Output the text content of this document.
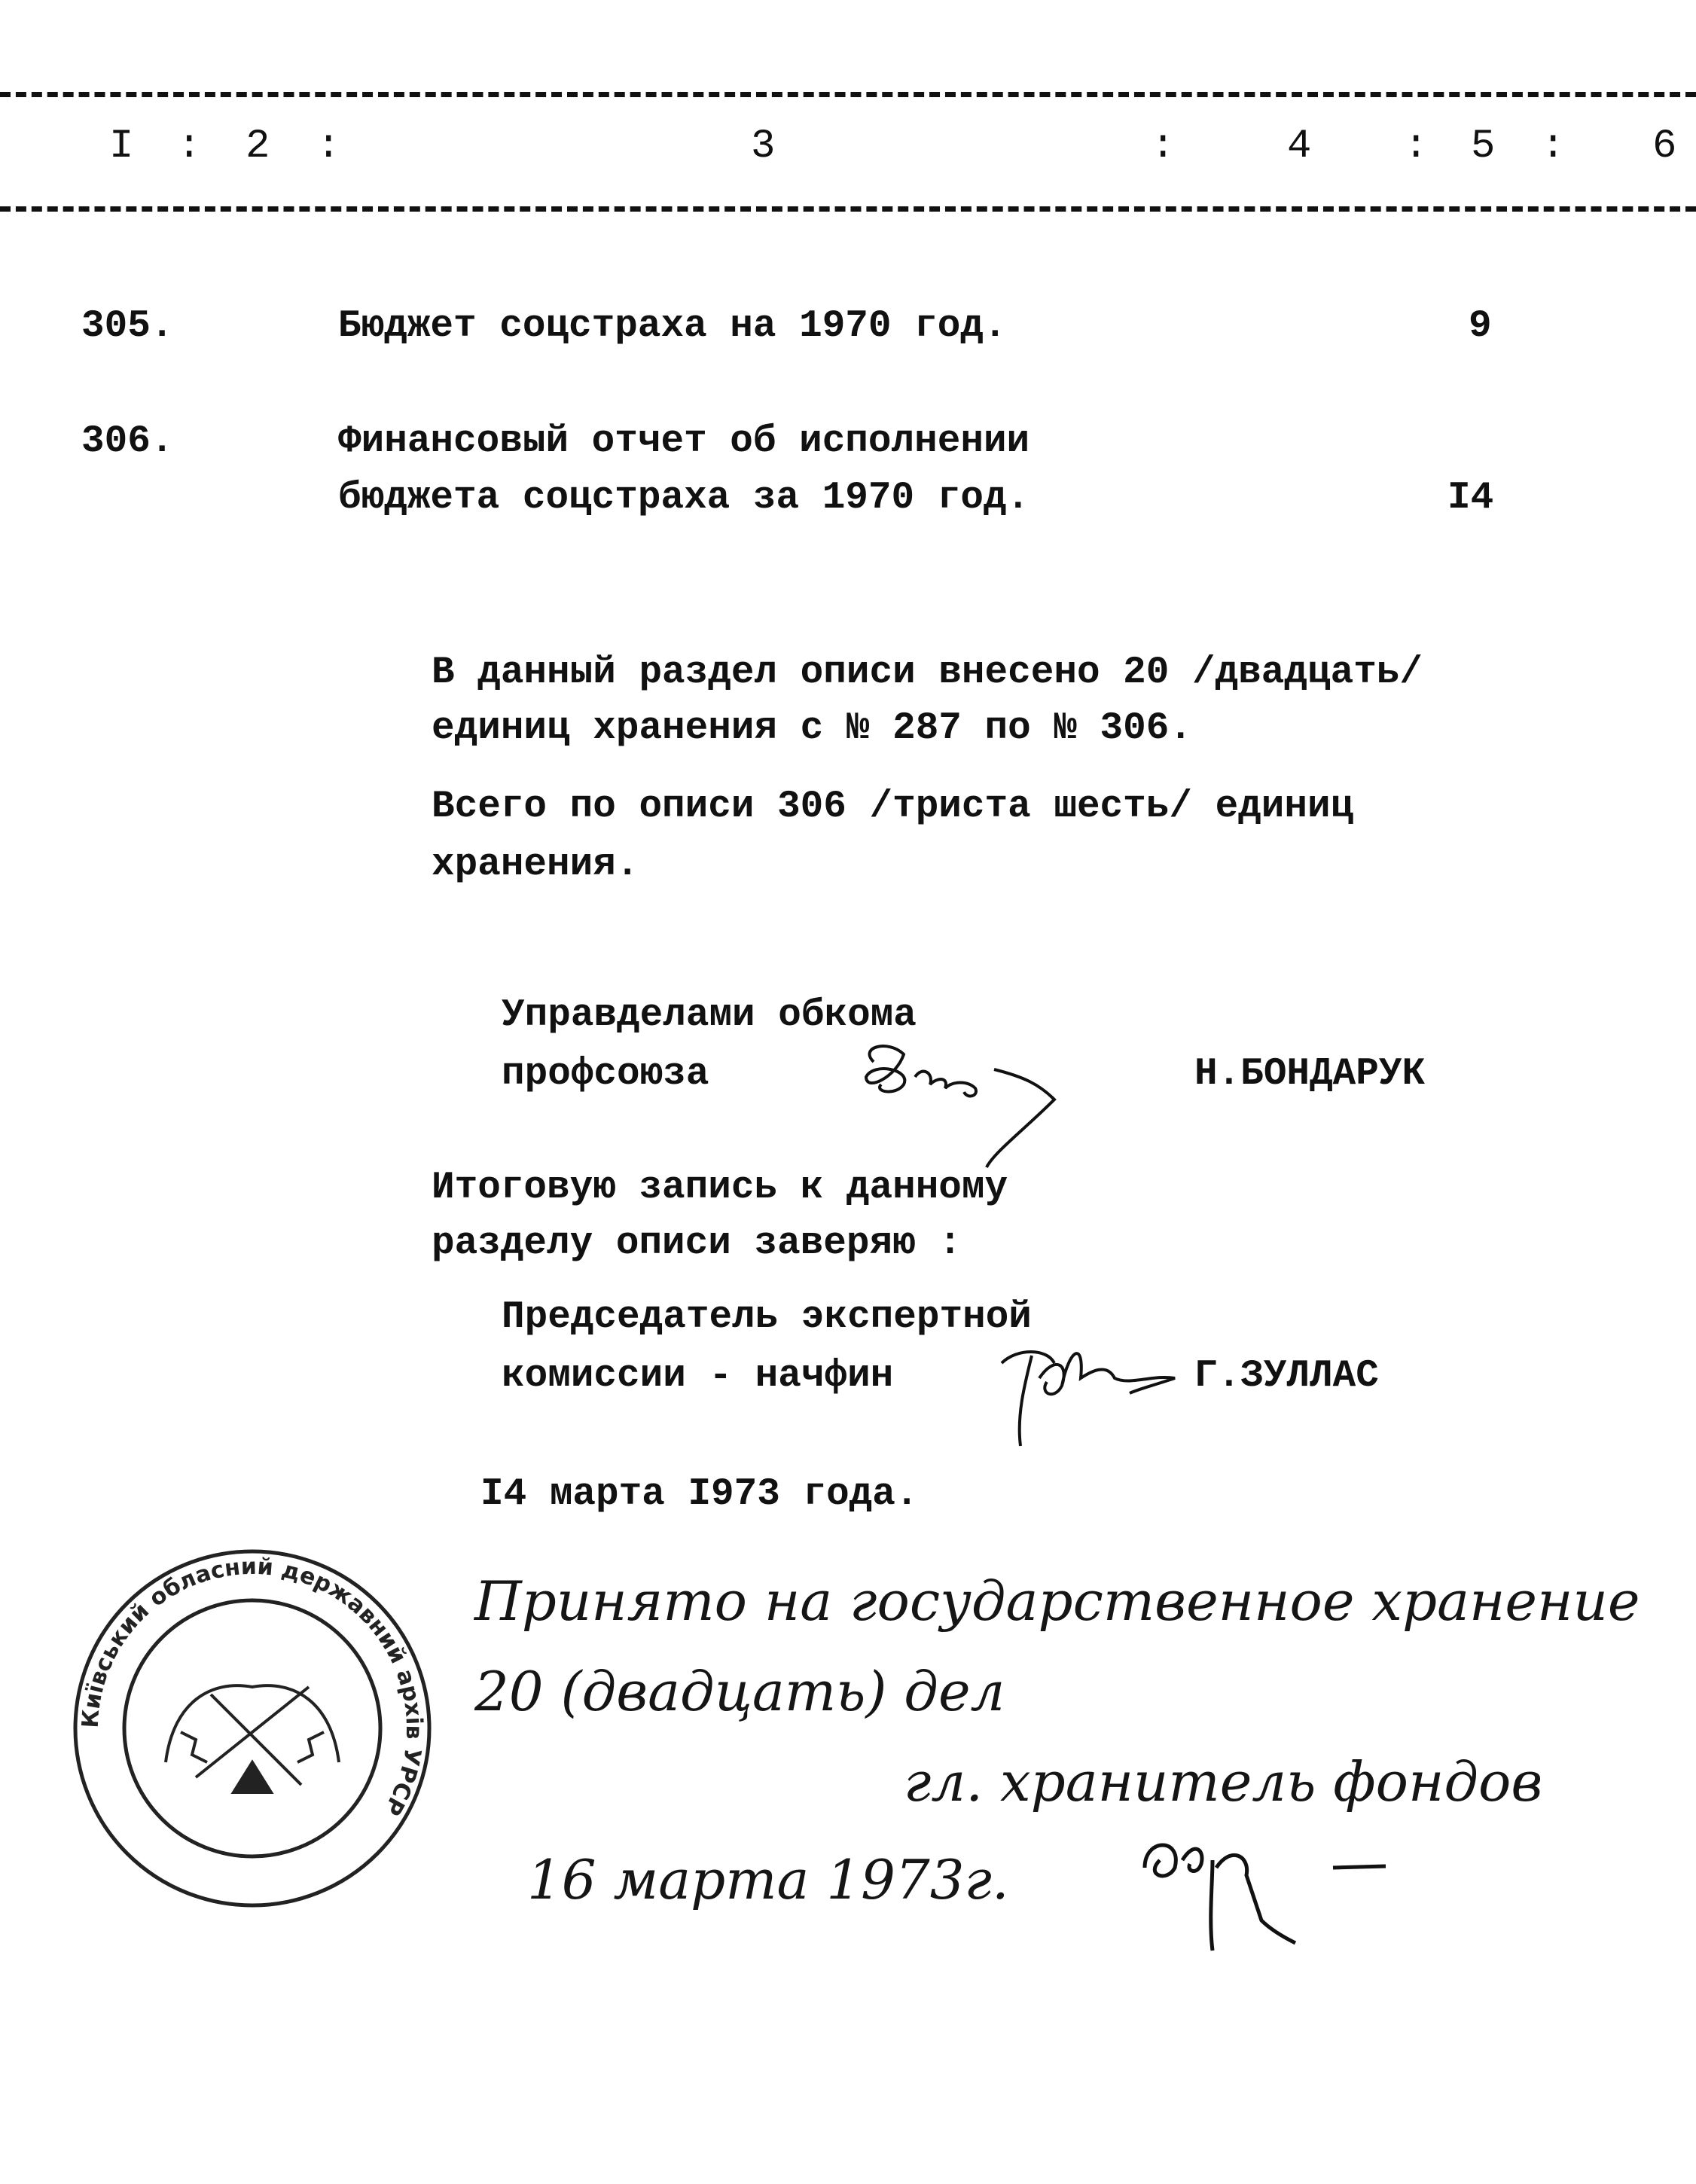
I : 2 :	3	:	4 : 5 : 6
305.	Бюджет соцстраха на 1970 год.	9
306.	Финансовый отчет об исполнении
бюджета соцстраха за 1970 год.	I4
В данный раздел описи внесено 20 /двадцать/
единиц хранения с № 287 по № 306.
Всего по описи 306 /триста шесть/ единиц
хранения.
Управделами обкома
профсоюза	Н.БОНДАРУК
Итоговую запись к данному
разделу описи заверяю :
Председатель экспертной
комиссии - начфин	Г.ЗУЛЛАС
I4 марта I973 года.
Київський обласний державний архів УРСР
Принято на государственное хранение
20 (двадцать) дел
гл. хранитель фондов
16 марта 1973г.
